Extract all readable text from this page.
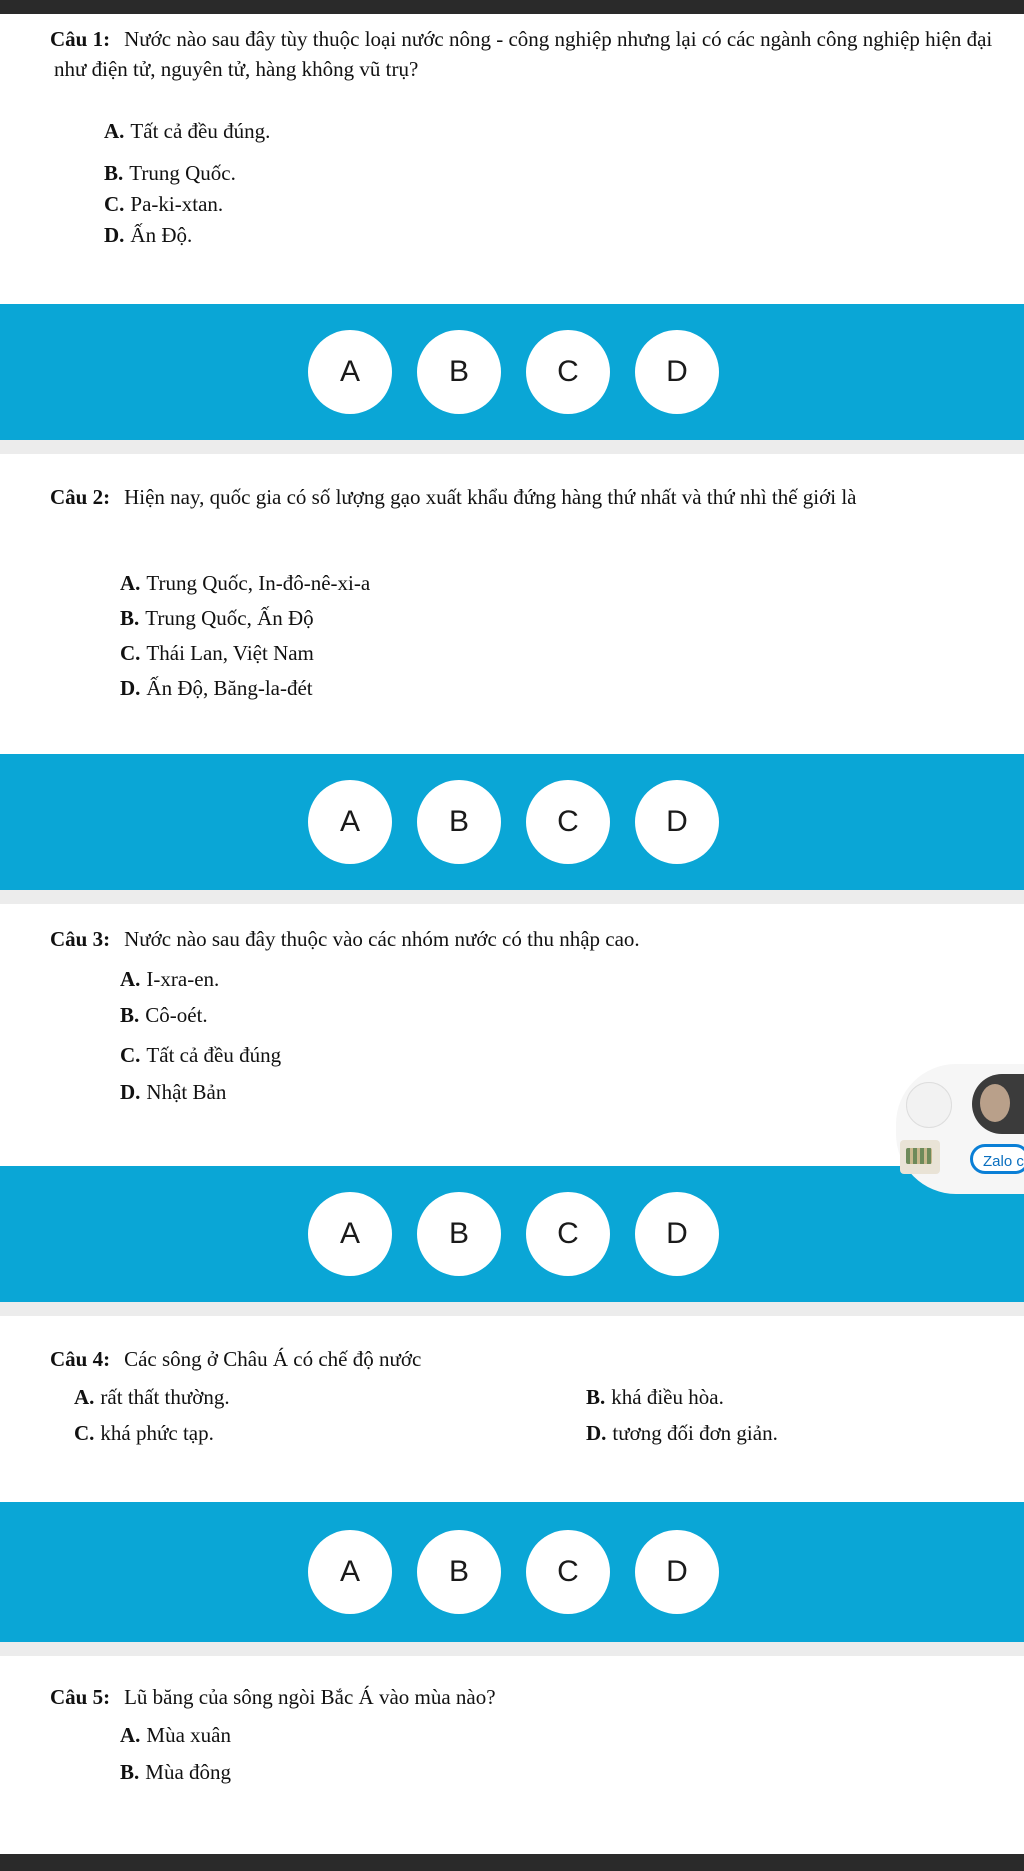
Câu 1: Nước nào sau đây tùy thuộc loại nước nông - công nghiệp nhưng lại có các ngành công nghiệp hiện đại như điện tử, nguyên tử, hàng không vũ trụ?
A. Tất cả đều đúng.
B. Trung Quốc.
C. Pa-ki-xtan.
D. Ấn Độ.
A	B	C	D
Câu 2: Hiện nay, quốc gia có số lượng gạo xuất khẩu đứng hàng thứ nhất và thứ nhì thế giới là
A. Trung Quốc, In-đô-nê-xi-a
B. Trung Quốc, Ấn Độ
C. Thái Lan, Việt Nam
D. Ấn Độ, Băng-la-đét
A	B	C	D
Câu 3: Nước nào sau đây thuộc vào các nhóm nước có thu nhập cao.
A. I-xra-en.
B. Cô-oét.
C. Tất cả đều đúng
D. Nhật Bản
A	B	C	D
Câu 4: Các sông ở Châu Á có chế độ nước
A. rất thất thường.	B. khá điều hòa.
C. khá phức tạp.	D. tương đối đơn giản.
A	B	C	D
Câu 5: Lũ băng của sông ngòi Bắc Á vào mùa nào?
A. Mùa xuân
B. Mùa đông
Zalo c
